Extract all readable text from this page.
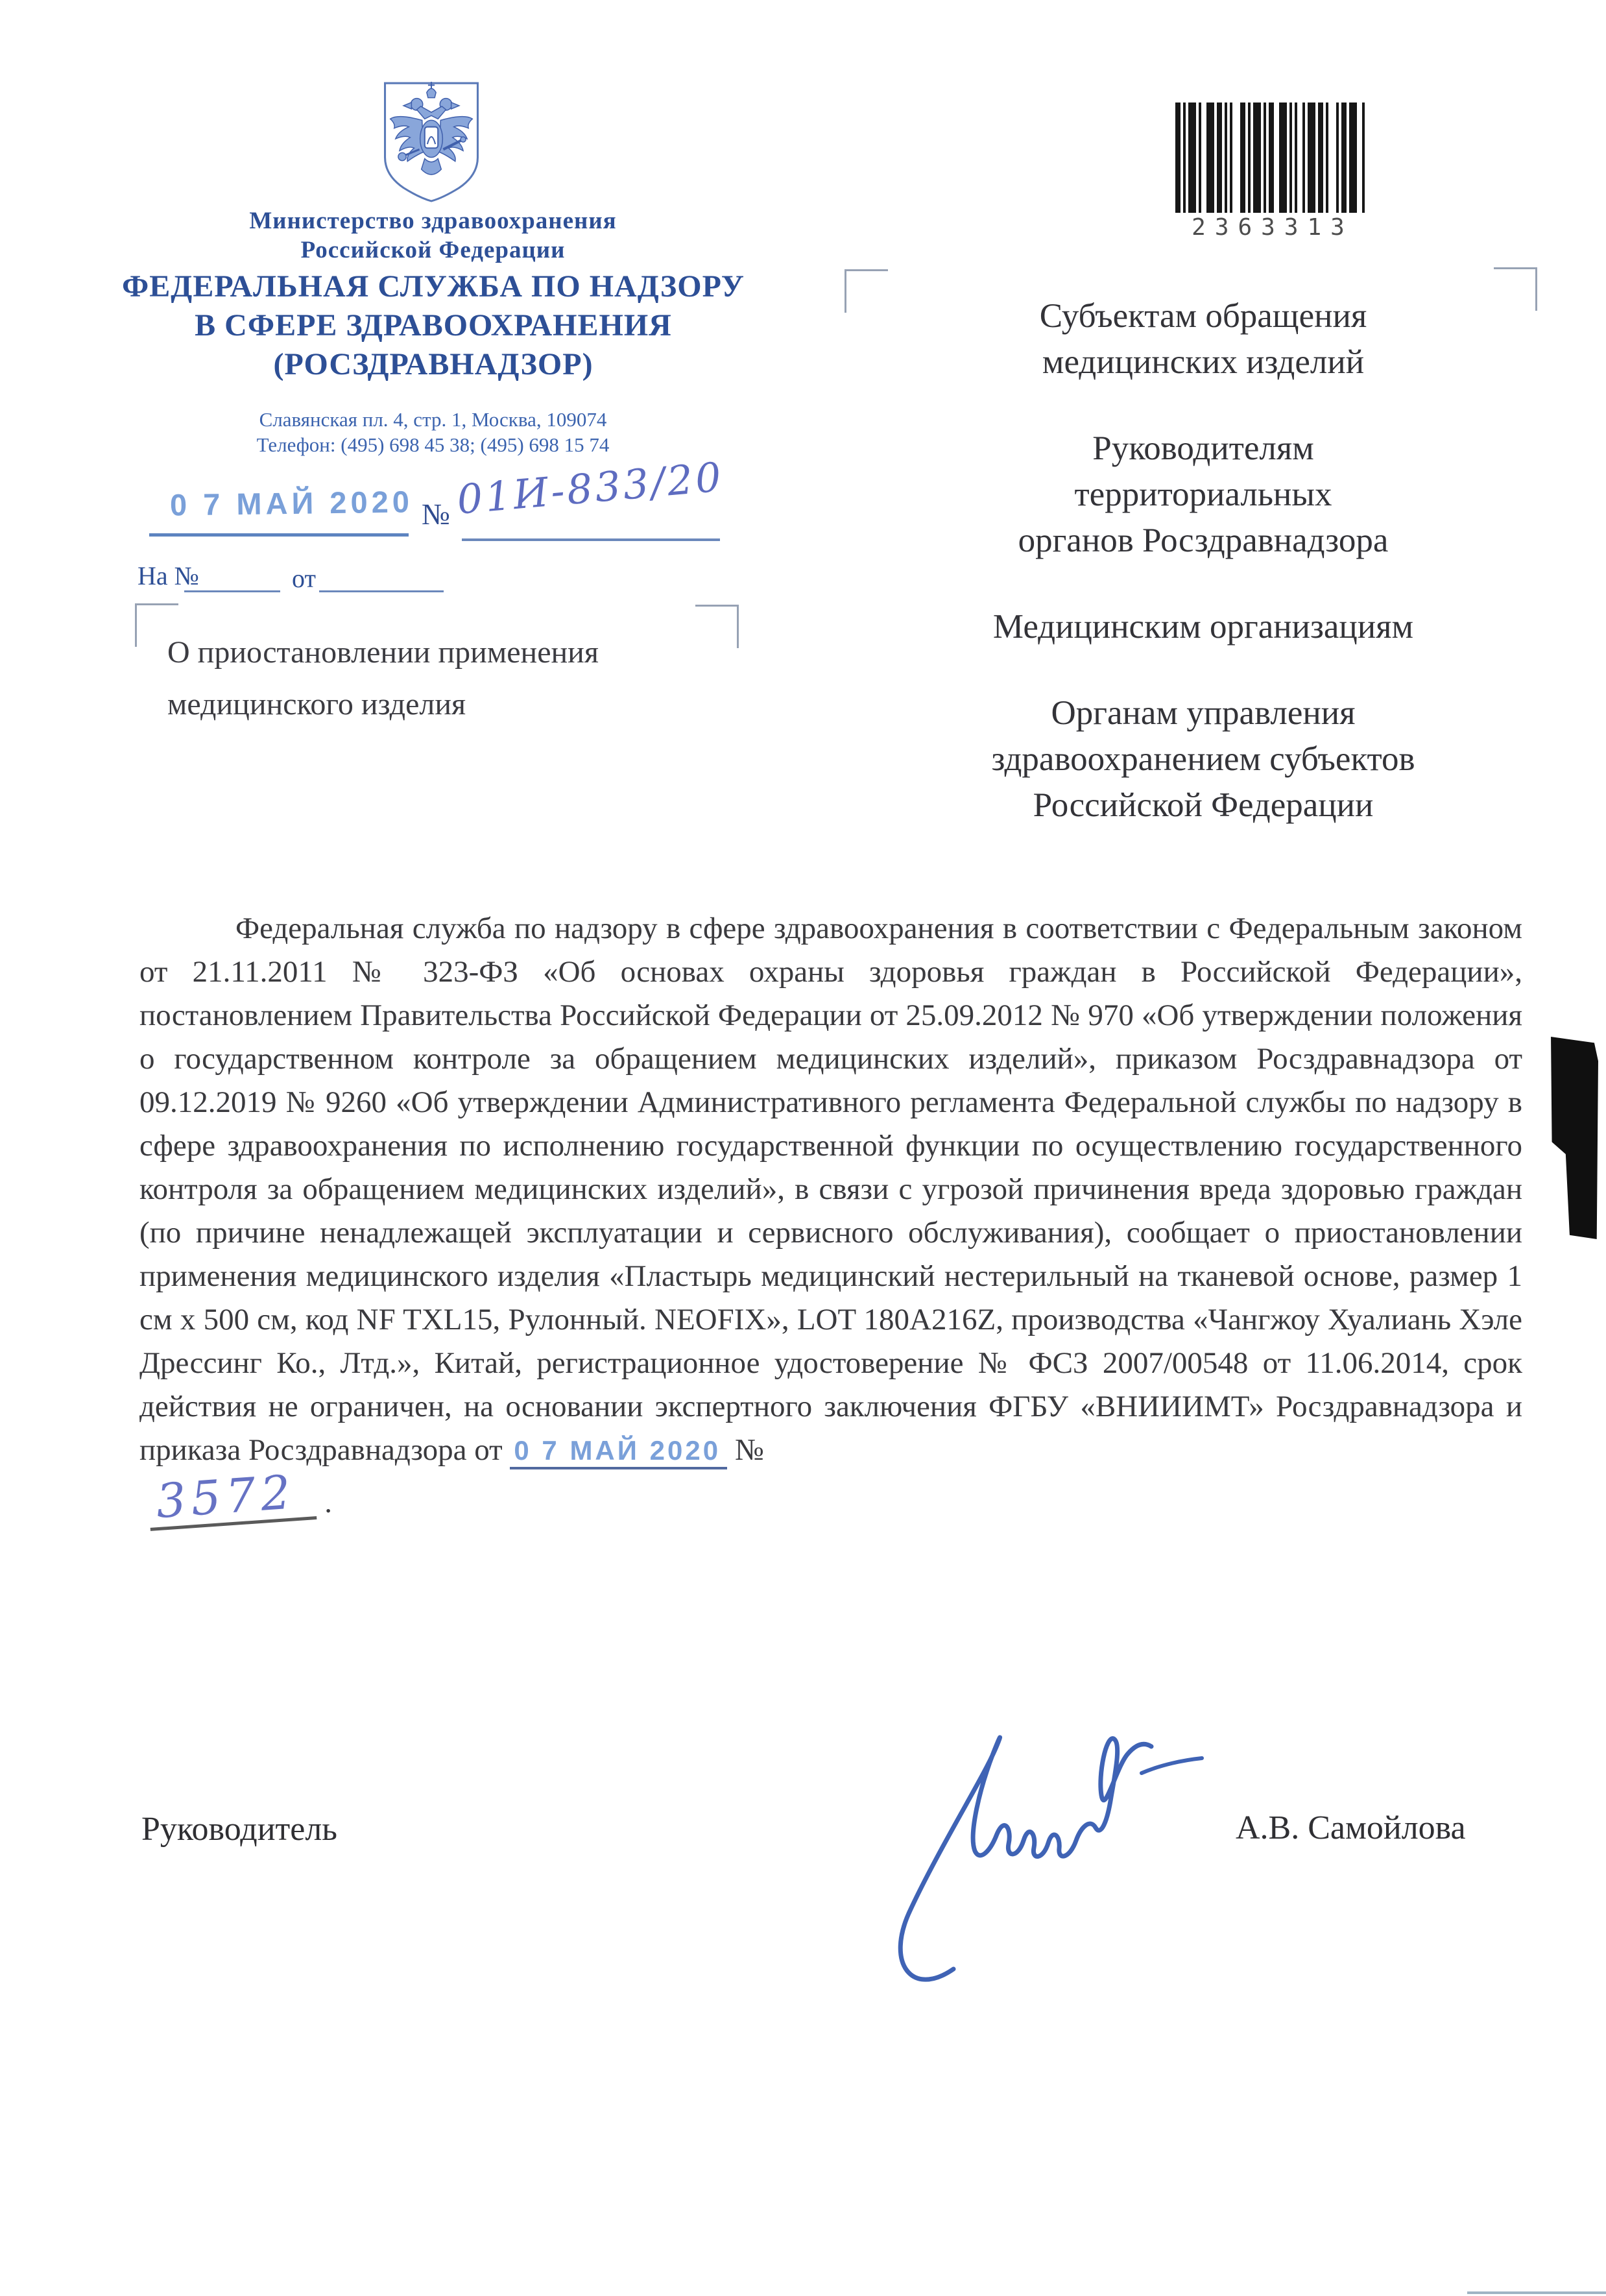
Министерство здравоохранения
Российской Федерации
ФЕДЕРАЛЬНАЯ СЛУЖБА ПО НАДЗОРУ
В СФЕРЕ ЗДРАВООХРАНЕНИЯ
(РОСЗДРАВНАДЗОР)
Славянская пл. 4, стр. 1, Москва, 109074
Телефон: (495) 698 45 38; (495) 698 15 74
0 7 МАЙ 2020 № 01И-833/20
На №	от
О приостановлении применения
медицинского изделия
2363313
Субъектам обращения
медицинских изделий
Руководителям
территориальных
органов Росздравнадзора
Медицинским организациям
Органам управления
здравоохранением субъектов
Российской Федерации

Федеральная служба по надзору в сфере здравоохранения в соответствии с Федеральным законом от 21.11.2011 № 323-ФЗ «Об основах охраны здоровья граждан в Российской Федерации», постановлением Правительства Российской Федерации от 25.09.2012 № 970 «Об утверждении положения о государственном контроле за обращением медицинских изделий», приказом Росздравнадзора от 09.12.2019 № 9260 «Об утверждении Административного регламента Федеральной службы по надзору в сфере здравоохранения по исполнению государственной функции по осуществлению государственного контроля за обращением медицинских изделий», в связи с угрозой причинения вреда здоровью граждан (по причине ненадлежащей эксплуатации и сервисного обслуживания), сообщает о приостановлении применения медицинского изделия «Пластырь медицинский нестерильный на тканевой основе, размер 1 см х 500 см, код NF TXL15, Рулонный. NEOFIX», LOT 180A216Z, производства «Чангжоу Хуалиань Хэле Дрессинг Ко., Лтд.», Китай, регистрационное удостоверение № ФСЗ 2007/00548 от 11.06.2014, срок действия не ограничен, на основании экспертного заключения ФГБУ «ВНИИИМТ» Росздравнадзора и приказа Росздравнадзора от 0 7 МАЙ 2020 №

3572 .
Руководитель	А.В. Самойлова
